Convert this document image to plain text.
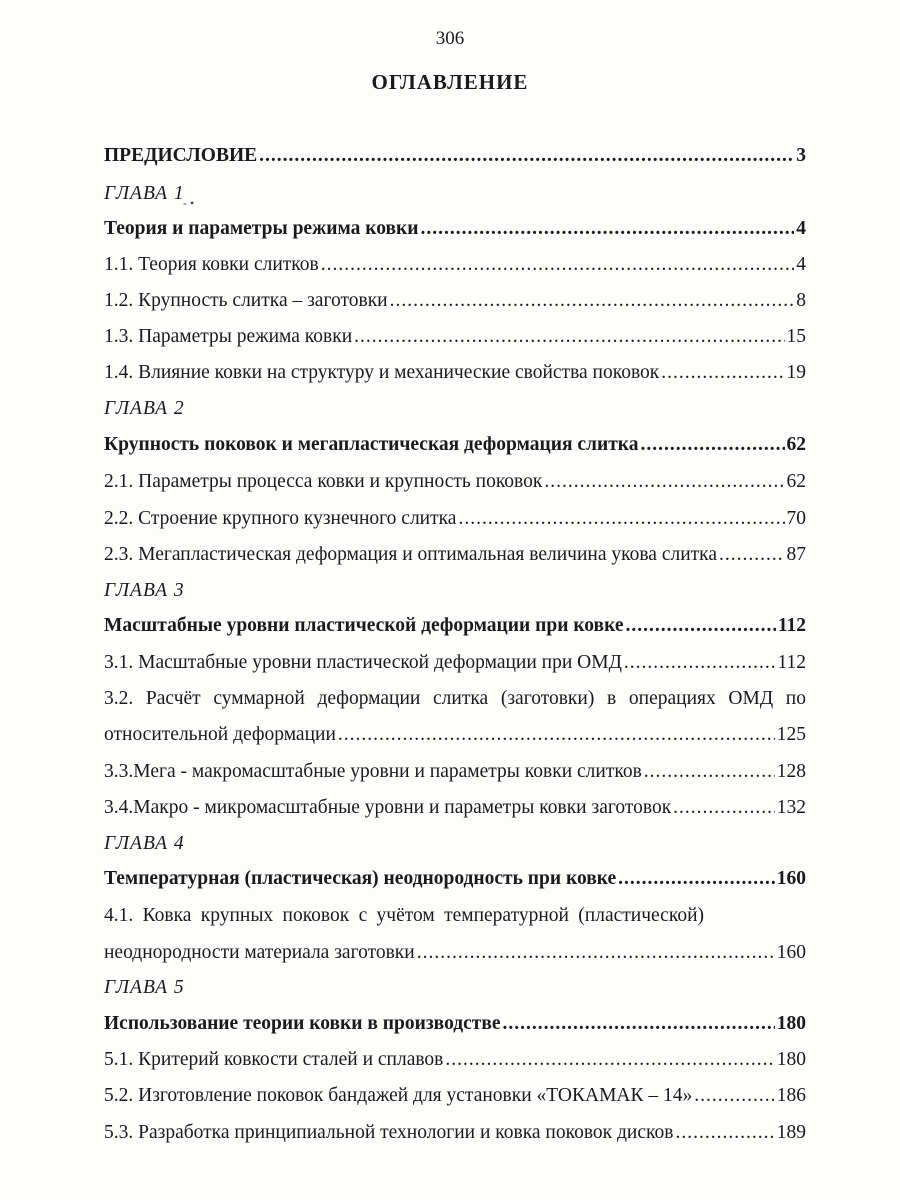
306
ОГЛАВЛЕНИЕ
- •
ПРЕДИСЛОВИЕ .....	3
ГЛАВА 1
Теория и параметры режима ковки .....	4
1.1. Теория ковки слитков .....	4
1.2. Крупность слитка – заготовки .....	8
1.3. Параметры режима ковки .....	15
1.4. Влияние ковки на структуру и механические свойства поковок .....	19
ГЛАВА 2
Крупность поковок и мегапластическая деформация слитка .....	62
2.1. Параметры процесса ковки и крупность поковок .....	62
2.2. Строение крупного кузнечного слитка .....	70
2.3. Мегапластическая деформация и оптимальная величина укова слитка .....	87
ГЛАВА 3
Масштабные уровни пластической деформации при ковке .....	112
3.1. Масштабные уровни пластической деформации при ОМД .....	112
3.2. Расчёт суммарной деформации слитка (заготовки) в операциях ОМД по
относительной деформации .....	125
3.3.Мега - макромасштабные уровни и параметры ковки слитков .....	128
3.4.Макро - микромасштабные уровни и параметры ковки заготовок .....	132
ГЛАВА 4
Температурная (пластическая) неоднородность при ковке .....	160
4.1. Ковка крупных поковок с учётом температурной (пластической)
неоднородности материала заготовки .....	160
ГЛАВА 5
Использование теории ковки в производстве .....	180
5.1. Критерий ковкости сталей и сплавов .....	180
5.2. Изготовление поковок бандажей для установки «ТОКАМАК – 14» .....	186
5.3. Разработка принципиальной технологии и ковка поковок дисков .....	189
